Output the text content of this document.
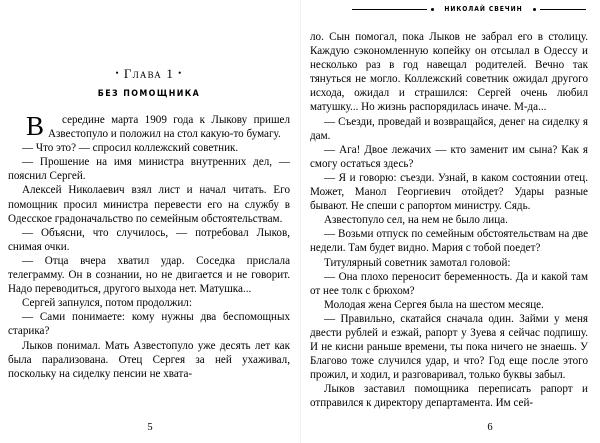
• Глава 1 •
БЕЗ ПОМОЩНИКА

В	середине марта 1909 года к Лыкову пришел Азвестопуло и положил на стол какую-то бумагу.

— Что это? — спросил коллежский советник.

— Прошение на имя министра внутренних дел, — пояснил Сергей.

Алексей Николаевич взял лист и начал читать. Его помощник просил министра перевести его на службу в Одесское градоначальство по семейным обстоятельствам.

— Объясни, что случилось, — потребовал Лыков, снимая очки.

— Отца вчера хватил удар. Соседка прислала телеграмму. Он в сознании, но не двигается и не говорит. Надо переводиться, другого выхода нет. Матушка...

Сергей запнулся, потом продолжил:

— Сами понимаете: кому нужны два беспомощных старика?

Лыков понимал. Мать Азвестопуло уже десять лет как была парализована. Отец Сергея за ней ухаживал, поскольку на сиделку пенсии не хвата-

5
НИКОЛАЙ СВЕЧИН

ло. Сын помогал, пока Лыков не забрал его в столицу. Каждую сэкономленную копейку он отсылал в Одессу и несколько раз в год навещал родителей. Вечно так тянуться не могло. Коллежский советник ожидал другого исхода, ожидал и страшился: Сергей очень любил матушку... Но жизнь распорядилась иначе. М-да...

— Съезди, проведай и возвращайся, денег на сиделку я дам.

— Ага! Двое лежачих — кто заменит им сына? Как я смогу остаться здесь?

— Я и говорю: съезди. Узнай, в каком состоянии отец. Может, Манол Георгиевич отойдет? Удары разные бывают. Не спеши с рапортом министру. Сядь.

Азвестопуло сел, на нем не было лица.

— Возьми отпуск по семейным обстоятельствам на две недели. Там будет видно. Мария с тобой поедет?

Титулярный советник замотал головой:

— Она плохо переносит беременность. Да и какой там от нее толк с брюхом?

Молодая жена Сергея была на шестом месяце.

— Правильно, скатайся сначала один. Займи у меня двести рублей и езжай, рапорт у Зуева я сейчас подпишу. И не кисни раньше времени, ты пока ничего не знаешь. У Благово тоже случился удар, и что? Год еще после этого прожил, и ходил, и разговаривал, только буквы забыл.

Лыков заставил помощника переписать рапорт и отправился к директору департамента. Им сей-

6
